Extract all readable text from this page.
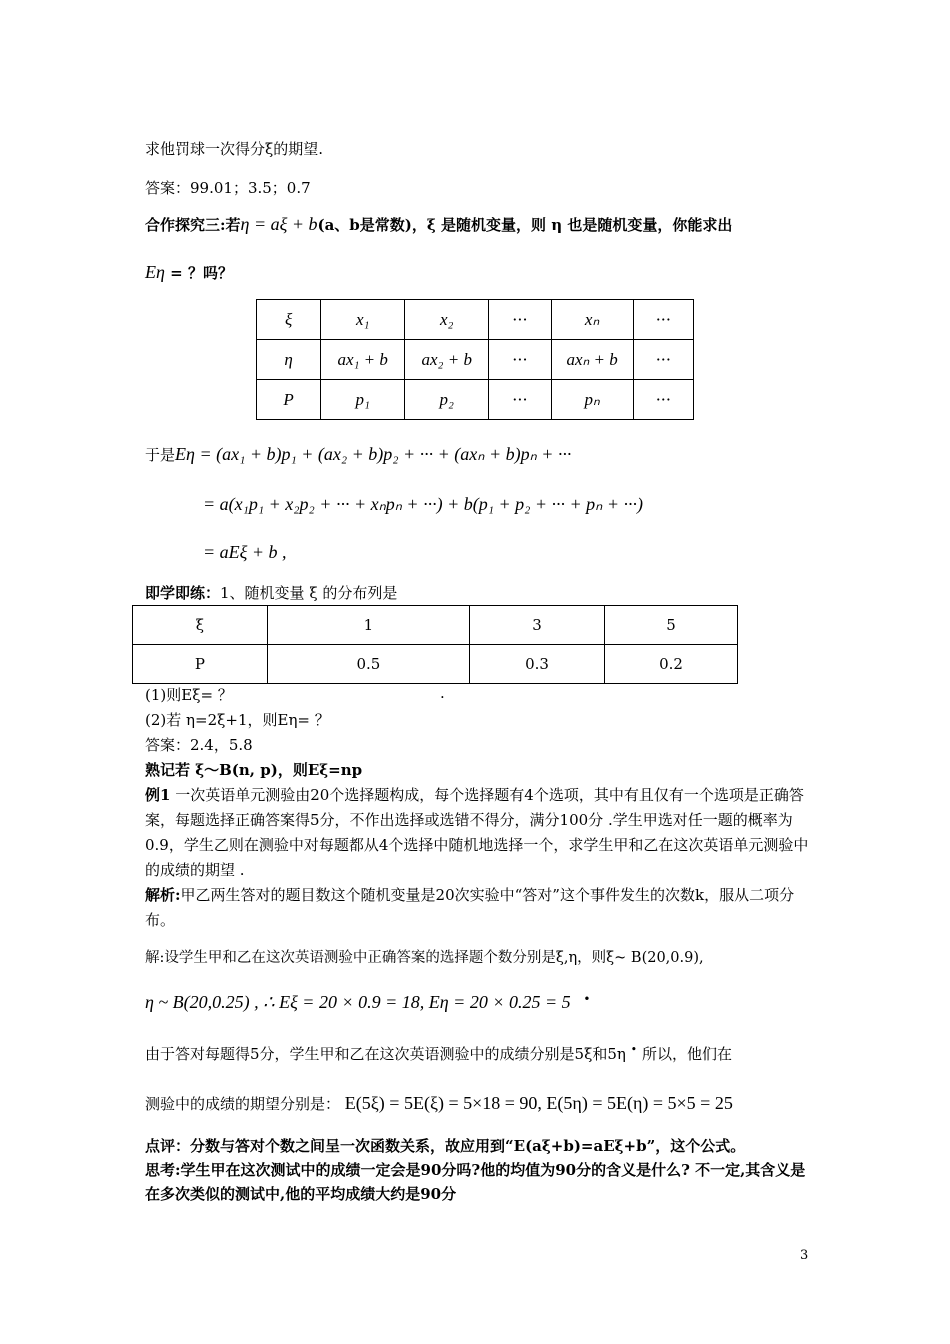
求他罚球一次得分ξ的期望.
答案：99.01；3.5；0.7
合作探究三:若η = aξ + b(a、b是常数)，ξ 是随机变量，则 η 也是随机变量，你能求出
Eη = ？吗？
ξ	x₁	x₂	···	xₙ	···
η	ax₁ + b	ax₂ + b	···	axₙ + b	···
P	p₁	p₂	···	pₙ	···
于是Eη = (ax₁ + b)p₁ + (ax₂ + b)p₂ + ··· + (axₙ + b)pₙ + ···
= a(x₁p₁ + x₂p₂ + ··· + xₙpₙ + ···) + b(p₁ + p₂ + ··· + pₙ + ···)
= aEξ + b ,
即学即练：1、随机变量 ξ 的分布列是
ξ	1	3	5
P	0.5	0.3	0.2
(1)则Eξ= ？	.
(2)若 η=2ξ+1，则Eη= ？
答案：2.4，5.8
熟记若 ξ～B(n, p)，则Eξ=np
例1 一次英语单元测验由20个选择题构成，每个选择题有4个选项，其中有且仅有一个选项是正确答案，每题选择正确答案得5分，不作出选择或选错不得分，满分100分 .学生甲选对任一题的概率为0.9，学生乙则在测验中对每题都从4个选择中随机地选择一个，求学生甲和乙在这次英语单元测验中的成绩的期望 .
解析:甲乙两生答对的题目数这个随机变量是20次实验中“答对”这个事件发生的次数k，服从二项分布。
解:设学生甲和乙在这次英语测验中正确答案的选择题个数分别是ξ,η，则ξ~ B(20,0.9),
η ~ B(20,0.25) , ∴ Eξ = 20 × 0.9 = 18, Eη = 20 × 0.25 = 5 •
由于答对每题得5分，学生甲和乙在这次英语测验中的成绩分别是5ξ和5η • 所以，他们在
测验中的成绩的期望分别是： E(5ξ) = 5E(ξ) = 5×18 = 90, E(5η) = 5E(η) = 5×5 = 25
点评：分数与答对个数之间呈一次函数关系，故应用到“E(aξ+b)=aEξ+b”，这个公式。
思考:学生甲在这次测试中的成绩一定会是90分吗?他的均值为90分的含义是什么? 不一定,其含义是在多次类似的测试中,他的平均成绩大约是90分
3
